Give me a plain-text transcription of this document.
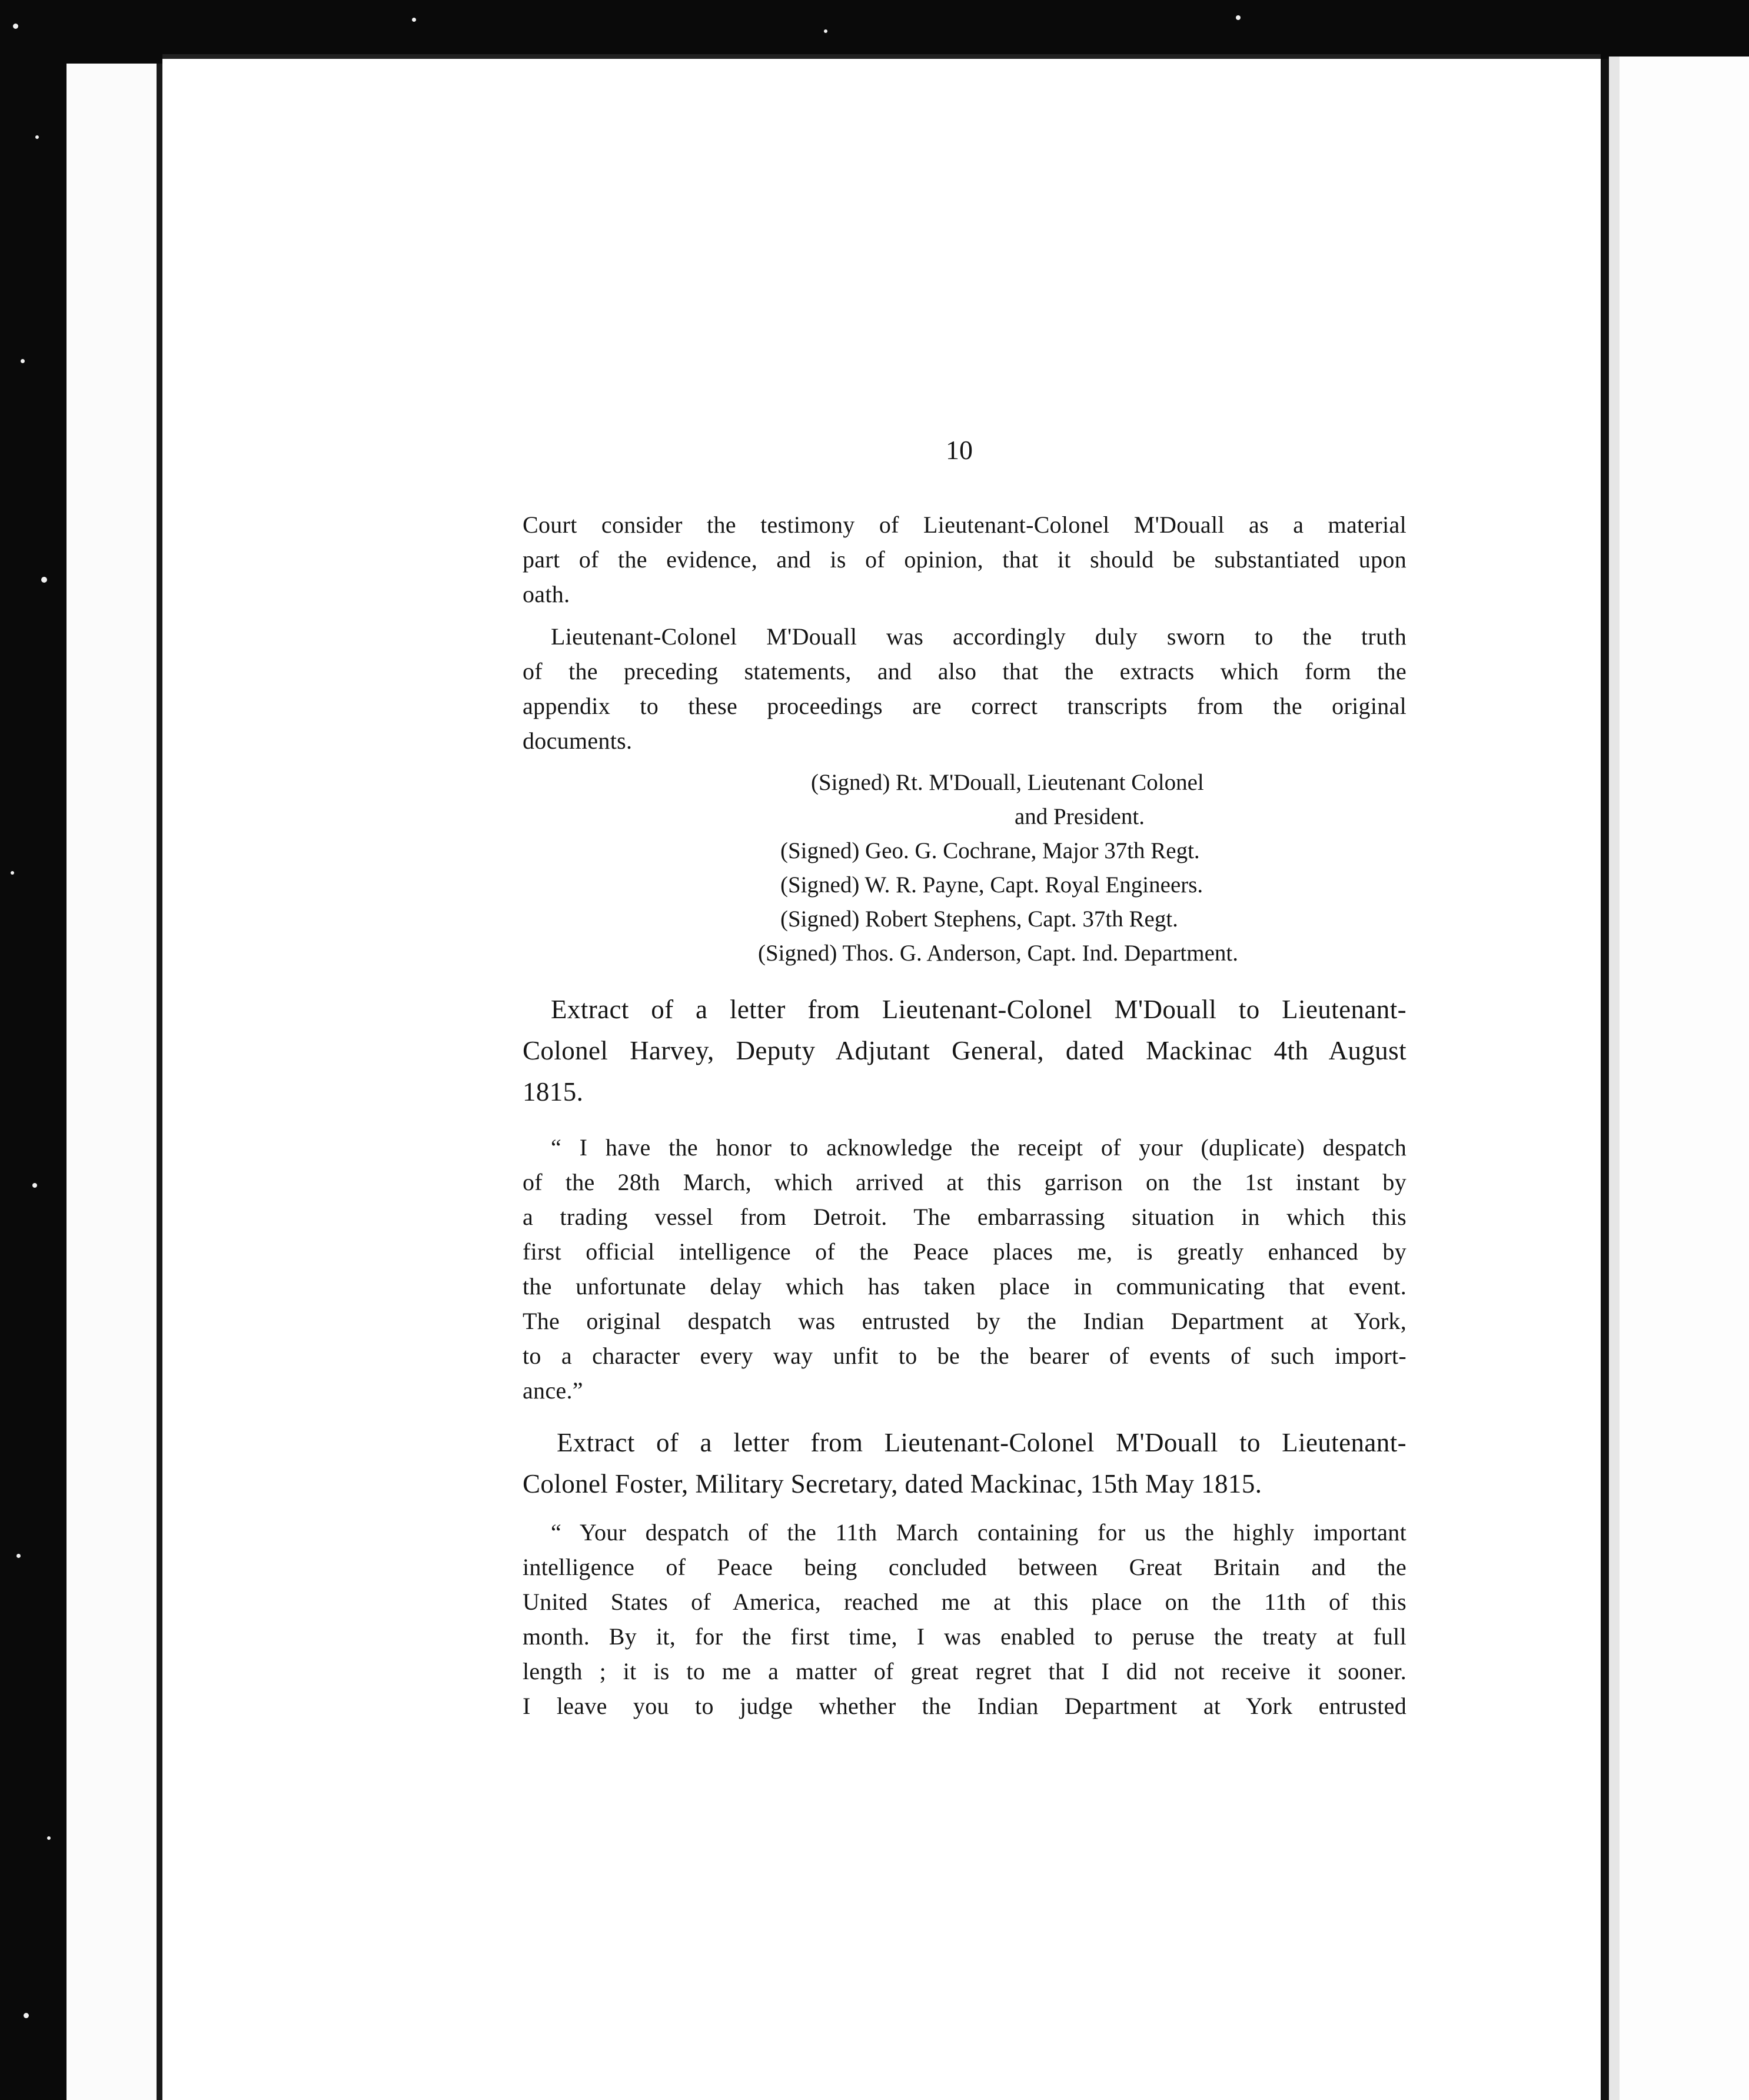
10
Court consider the testimony of Lieutenant-Colonel M'Douall as a material
part of the evidence, and is of opinion, that it should be substantiated upon
oath.
Lieutenant-Colonel M'Douall was accordingly duly sworn to the truth
of the preceding statements, and also that the extracts which form the
appendix to these proceedings are correct transcripts from the original
documents.
(Signed) Rt. M'Douall, Lieutenant Colonel
and President.
(Signed) Geo. G. Cochrane, Major 37th Regt.
(Signed) W. R. Payne, Capt. Royal Engineers.
(Signed) Robert Stephens, Capt. 37th Regt.
(Signed) Thos. G. Anderson, Capt. Ind. Department.
Extract of a letter from Lieutenant-Colonel M'Douall to Lieutenant-
Colonel Harvey, Deputy Adjutant General, dated Mackinac 4th August
1815.
“ I have the honor to acknowledge the receipt of your (duplicate) despatch
of the 28th March, which arrived at this garrison on the 1st instant by
a trading vessel from Detroit. The embarrassing situation in which this
first official intelligence of the Peace places me, is greatly enhanced by
the unfortunate delay which has taken place in communicating that event.
The original despatch was entrusted by the Indian Department at York,
to a character every way unfit to be the bearer of events of such import-
ance.”
Extract of a letter from Lieutenant-Colonel M'Douall to Lieutenant-
Colonel Foster, Military Secretary, dated Mackinac, 15th May 1815.
“ Your despatch of the 11th March containing for us the highly important
intelligence of Peace being concluded between Great Britain and the
United States of America, reached me at this place on the 11th of this
month. By it, for the first time, I was enabled to peruse the treaty at full
length ; it is to me a matter of great regret that I did not receive it sooner.
I leave you to judge whether the Indian Department at York entrusted
